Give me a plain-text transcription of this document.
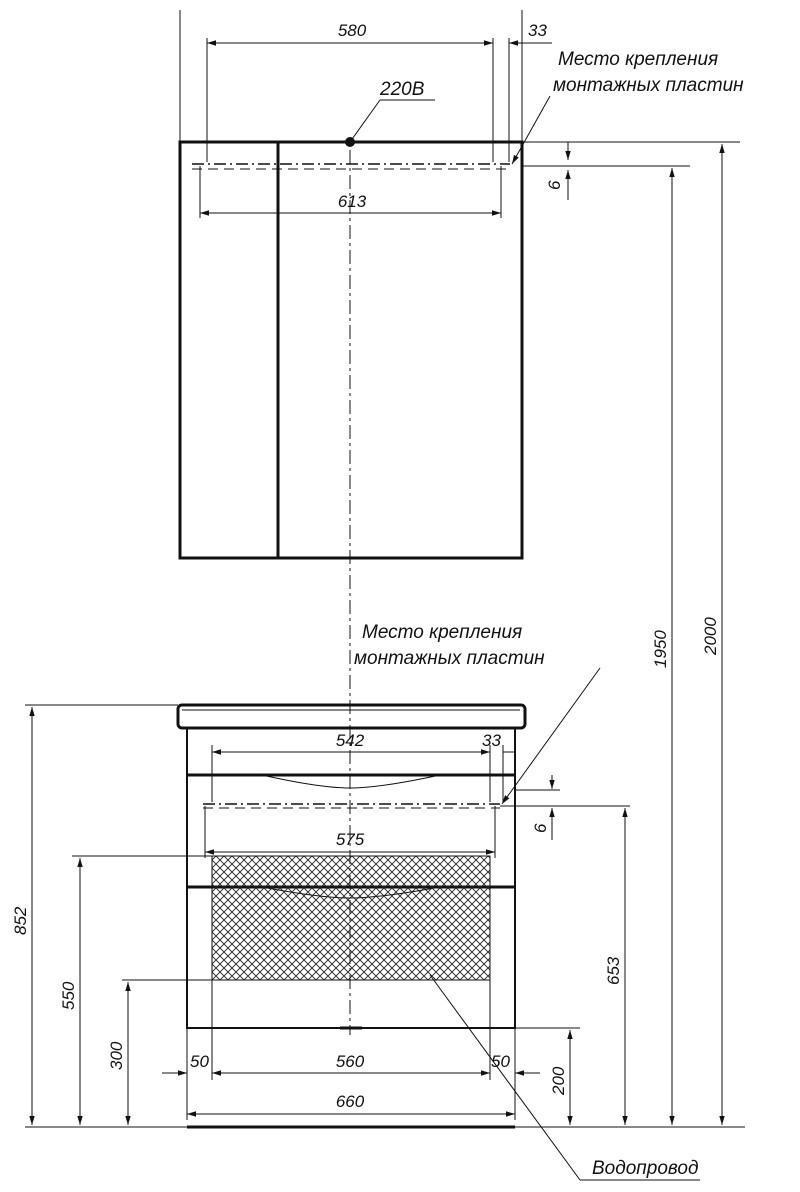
580	33
220В
Место крепления
монтажных пластин
613
6
Место крепления
монтажных пластин
542	33
575
6
50	560	50
660
200
Водопровод
852
550
300
653
1950 2000
